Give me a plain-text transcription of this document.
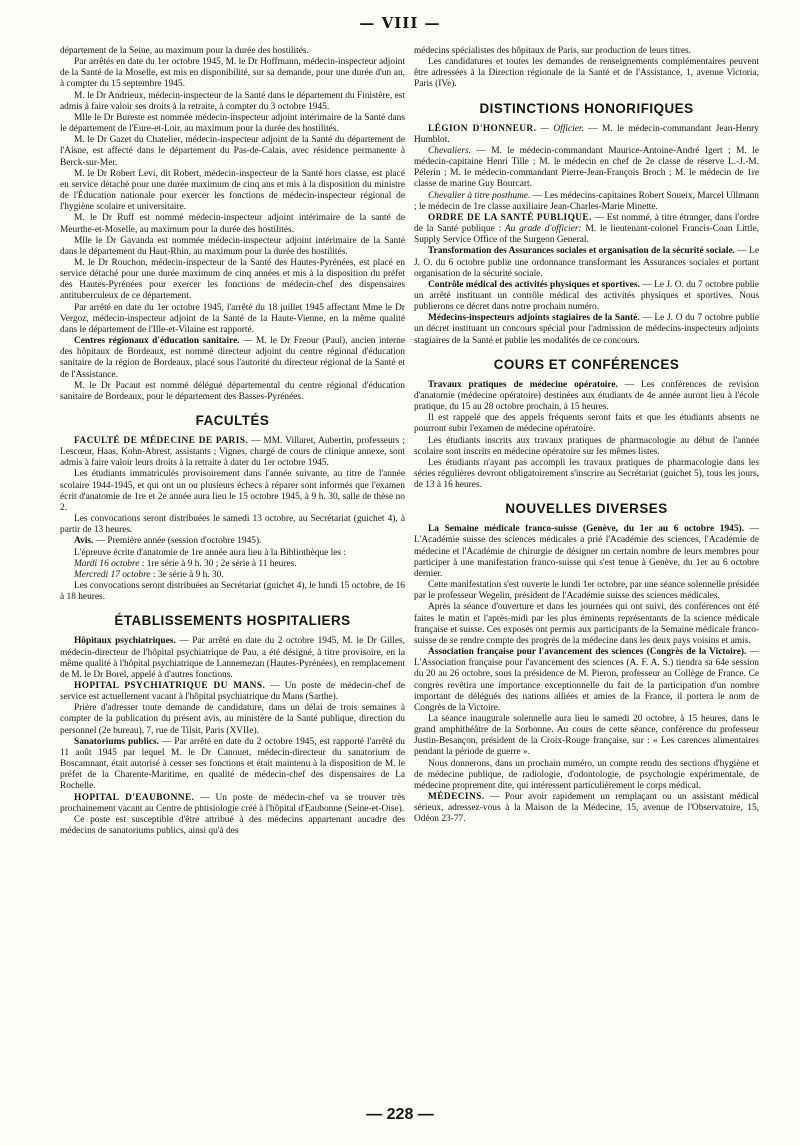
— VIII —

département de la Seine, au maximum pour la durée des hostilités.

Par arrêtés en date du 1er octobre 1945, M. le Dr Hoffmann, médecin-inspecteur adjoint de la Santé de la Moselle, est mis en disponibilité, sur sa demande, pour une durée d'un an, à compter du 15 septembre 1945.

M. le Dr Andrieux, médecin-inspecteur de la Santé dans le département du Finistère, est admis à faire valoir ses droits à la retraite, à compter du 3 octobre 1945.

Mlle le Dr Bureste est nommée médecin-inspecteur adjoint intérimaire de la Santé dans le département de l'Eure-et-Loir, au maximum pour la durée des hostilités.

M. le Dr Gazet du Chatelier, médecin-inspecteur adjoint de la Santé du département de l'Aisne, est affecté dans le département du Pas-de-Calais, avec résidence permanente à Berck-sur-Mer.

M. le Dr Robert Levi, dit Robert, médecin-inspecteur de la Santé hors classe, est placé en service détaché pour une durée maximum de cinq ans et mis à la disposition du ministre de l'Éducation nationale pour exercer les fonctions de médecin-inspecteur régional de l'hygiène scolaire et universitaire.

M. le Dr Ruff est nommé médecin-inspecteur adjoint intérimaire de la santé de Meurthe-et-Moselle, au maximum pour la durée des hostilités.

Mlle le Dr Gavanda est nommée médecin-inspecteur adjoint intérimaire de la Santé dans le département du Haut-Rhin, au maximum pour la durée des hostilités.

M. le Dr Rouchon, médecin-inspecteur de la Santé des Hautes-Pyrénées, est placé en service détaché pour une durée maximum de cinq années et mis à la disposition du préfet des Hautes-Pyrénées pour exercer les fonctions de médecin-chef des dispensaires antituberculeux de ce département.

Par arrêté en date du 1er octobre 1945, l'arrêté du 18 juillet 1945 affectant Mme le Dr Vergoz, médecin-inspecteur adjoint de la Santé de la Haute-Vienne, en la même qualité dans le département de l'Ille-et-Vilaine est rapporté.

Centres régionaux d'éducation sanitaire. — M. le Dr Freour (Paul), ancien interne des hôpitaux de Bordeaux, est nommé directeur adjoint du centre régional d'éducation sanitaire de la région de Bordeaux, placé sous l'autorité du directeur régional de la Santé et de l'Assistance.

M. le Dr Pacaut est nommé délégué départemental du centre régional d'éducation sanitaire de Bordeaux, pour le département des Basses-Pyrénées.

FACULTÉS

FACULTÉ DE MÉDECINE DE PARIS. — MM. Villaret, Aubertin, professeurs ; Lescœur, Haas, Kohn-Abrest, assistants ; Vignes, chargé de cours de clinique annexe, sont admis à faire valoir leurs droits à la retraite à dater du 1er octobre 1945.

Les étudiants immatriculés provisoirement dans l'année suivante, au titre de l'année scolaire 1944-1945, et qui ont un ou plusieurs échecs à réparer sont informés que l'examen écrit d'anatomie de 1re et 2e année aura lieu le 15 octobre 1945, à 9 h. 30, salle de thèse no 2.

Les convocations seront distribuées le samedi 13 octobre, au Secrétariat (guichet 4), à partir de 13 heures.

Avis. — Première année (session d'octobre 1945).

L'épreuve écrite d'anatomie de 1re année aura lieu à la Bibliothèque les :

Mardi 16 octobre : 1re série à 9 h. 30 ; 2e série à 11 heures.

Mercredi 17 octobre : 3e série à 9 h. 30.

Les convocations seront distribuées au Secrétariat (guichet 4), le lundi 15 octobre, de 16 à 18 heures.

ÉTABLISSEMENTS HOSPITALIERS

Hôpitaux psychiatriques. — Par arrêté en date du 2 octobre 1945, M. le Dr Gilles, médecin-directeur de l'hôpital psychiatrique de Pau, a été désigné, à titre provisoire, en la même qualité à l'hôpital psychiatrique de Lannemezan (Hautes-Pyrénées), en remplacement de M. le Dr Borel, appelé à d'autres fonctions.

HOPITAL PSYCHIATRIQUE DU MANS. — Un poste de médecin-chef de service est actuellement vacant à l'hôpital psychiatrique du Mans (Sarthe).

Prière d'adresser toute demande de candidature, dans un délai de trois semaines à compter de la publication du présent avis, au ministère de la Santé publique, direction du personnel (2e bureau), 7, rue de Tilsit, Paris (XVIIe).

Sanatoriums publics. — Par arrêté en date du 2 octobre 1945, est rapporté l'arrêté du 11 août 1945 par lequel M. le Dr Canouet, médecin-directeur du sanatorium de Boscamnant, était autorisé à cesser ses fonctions et était maintenu à la disposition de M. le préfet de la Charente-Maritime, en qualité de médecin-chef des dispensaires de La Rochelle.

HOPITAL D'EAUBONNE. — Un poste de médecin-chef va se trouver très prochainement vacant au Centre de phtisiologie créé à l'hôpital d'Eaubonne (Seine-et-Oise).

Ce poste est susceptible d'être attribué à des médecins appartenant aucadre des médecins de sanatoriums publics, ainsi qu'à des

médecins spécialistes des hôpitaux de Paris, sur production de leurs titres.

Les candidatures et toutes les demandes de renseignements complémentaires peuvent être adressées à la Direction régionale de la Santé et de l'Assistance, 1, avenue Victoria, Paris (IVe).

DISTINCTIONS HONORIFIQUES

LÉGION D'HONNEUR. — Officier. — M. le médecin-commandant Jean-Henry Humblot.

Chevaliers. — M. le médecin-commandant Maurice-Antoine-André Igert ; M. le médecin-capitaine Henri Tille ; M. le médecin en chef de 2e classe de réserve L.-J.-M. Pélerin ; M. le médecin-commandant Pierre-Jean-François Broch ; M. le médecin de 1re classe de marine Guy Bourcart.

Chevalier à titre posthume. — Les médecins-capitaines Robert Soueix, Marcel Ullmann ; le médecin de 1re classe auxiliaire Jean-Charles-Marie Minette.

ORDRE DE LA SANTÉ PUBLIQUE. — Est nommé, à titre étranger, dans l'ordre de la Santé publique : Au grade d'officier: M. le lieutenant-colonel Francis-Coan Little, Supply Service Office of the Surgeon General.

Transformation des Assurances sociales et organisation de la sécurité sociale. — Le J. O. du 6 octobre publie une ordonnance transformant les Assurances sociales et portant organisation de la sécurité sociale.

Contrôle médical des activités physiques et sportives. — Le J. O. du 7 octobre publie un arrêté instituant un contrôle médical des activités physiques et sportives. Nous publierons ce décret dans notre prochain numéro.

Médecins-inspecteurs adjoints stagiaires de la Santé. — Le J. O du 7 octobre publie un décret instituant un concours spécial pour l'admission de médecins-inspecteurs adjoints stagiaires de la Santé et publie les modalités de ce concours.

COURS ET CONFÉRENCES

Travaux pratiques de médecine opératoire. — Les conférences de revision d'anatomie (médecine opératoire) destinées aux étudiants de 4e année auront lieu à l'école pratique, du 15 au 28 octobre prochain, à 15 heures.

Il est rappelé que des appels fréquents seront faits et que les étudiants absents ne pourront subir l'examen de médecine opératoire.

Les étudiants inscrits aux travaux pratiques de pharmacologie au début de l'année scolaire sont inscrits en médecine opératoire sur les mêmes listes.

Les étudiants n'ayant pas accompli les travaux pratiques de pharmacologie dans les séries régulières devront obligatoirement s'inscrire au Secrétariat (guichet 5), tous les jours, de 13 à 16 heures.

NOUVELLES DIVERSES

La Semaine médicale franco-suisse (Genève, du 1er au 6 octobre 1945). — L'Académie suisse des sciences médicales a prié l'Académie des sciences, l'Académie de médecine et l'Académie de chirurgie de désigner un certain nombre de leurs membres pour participer à une manifestation franco-suisse qui s'est tenue à Genève, du 1er au 6 octobre dernier.

Cette manifestation s'est ouverte le lundi 1er octobre, par une séance solennelle présidée par le professeur Wegelin, président de l'Académie suisse des sciences médicales.

Après la séance d'ouverture et dans les journées qui ont suivi, des conférences ont été faites le matin et l'après-midi par les plus éminents représentants de la science médicale française et suisse. Ces exposés ont permis aux participants de la Semaine médicale franco-suisse de se rendre compte des progrès de la médecine dans les deux pays voisins et amis.

Association française pour l'avancement des sciences (Congrès de la Victoire). — L'Association française pour l'avancement des sciences (A. F. A. S.) tiendra sa 64e session du 20 au 26 octobre, sous la présidence de M. Pieron, professeur au Collège de France. Ce congrès revêtira une importance exceptionnelle du fait de la participation d'un nombre important de délégués des nations alliées et amies de la France, il portera le nom de Congrès de la Victoire.

La séance inaugurale solennelle aura lieu le samedi 20 octobre, à 15 heures, dans le grand amphithéâtre de la Sorbonne. Au cours de cette séance, conférence du professeur Justin-Besançon, président de la Croix-Rouge française, sur : « Les carences alimentaires pendant la période de guerre ».

Nous donnerons, dans un prochain numéro, un compte rendu des sections d'hygiène et de médecine publique, de radiologie, d'odontologie, de psychologie expérimentale, de médecine proprement dite, qui intéressent particulièrement le corps médical.

MÉDECINS. — Pour avoir rapidement un remplaçant ou un assistant médical sérieux, adressez-vous à la Maison de la Médecine, 15, avenue de l'Observatoire, 15, Odéon 23-77.

— 228 —
